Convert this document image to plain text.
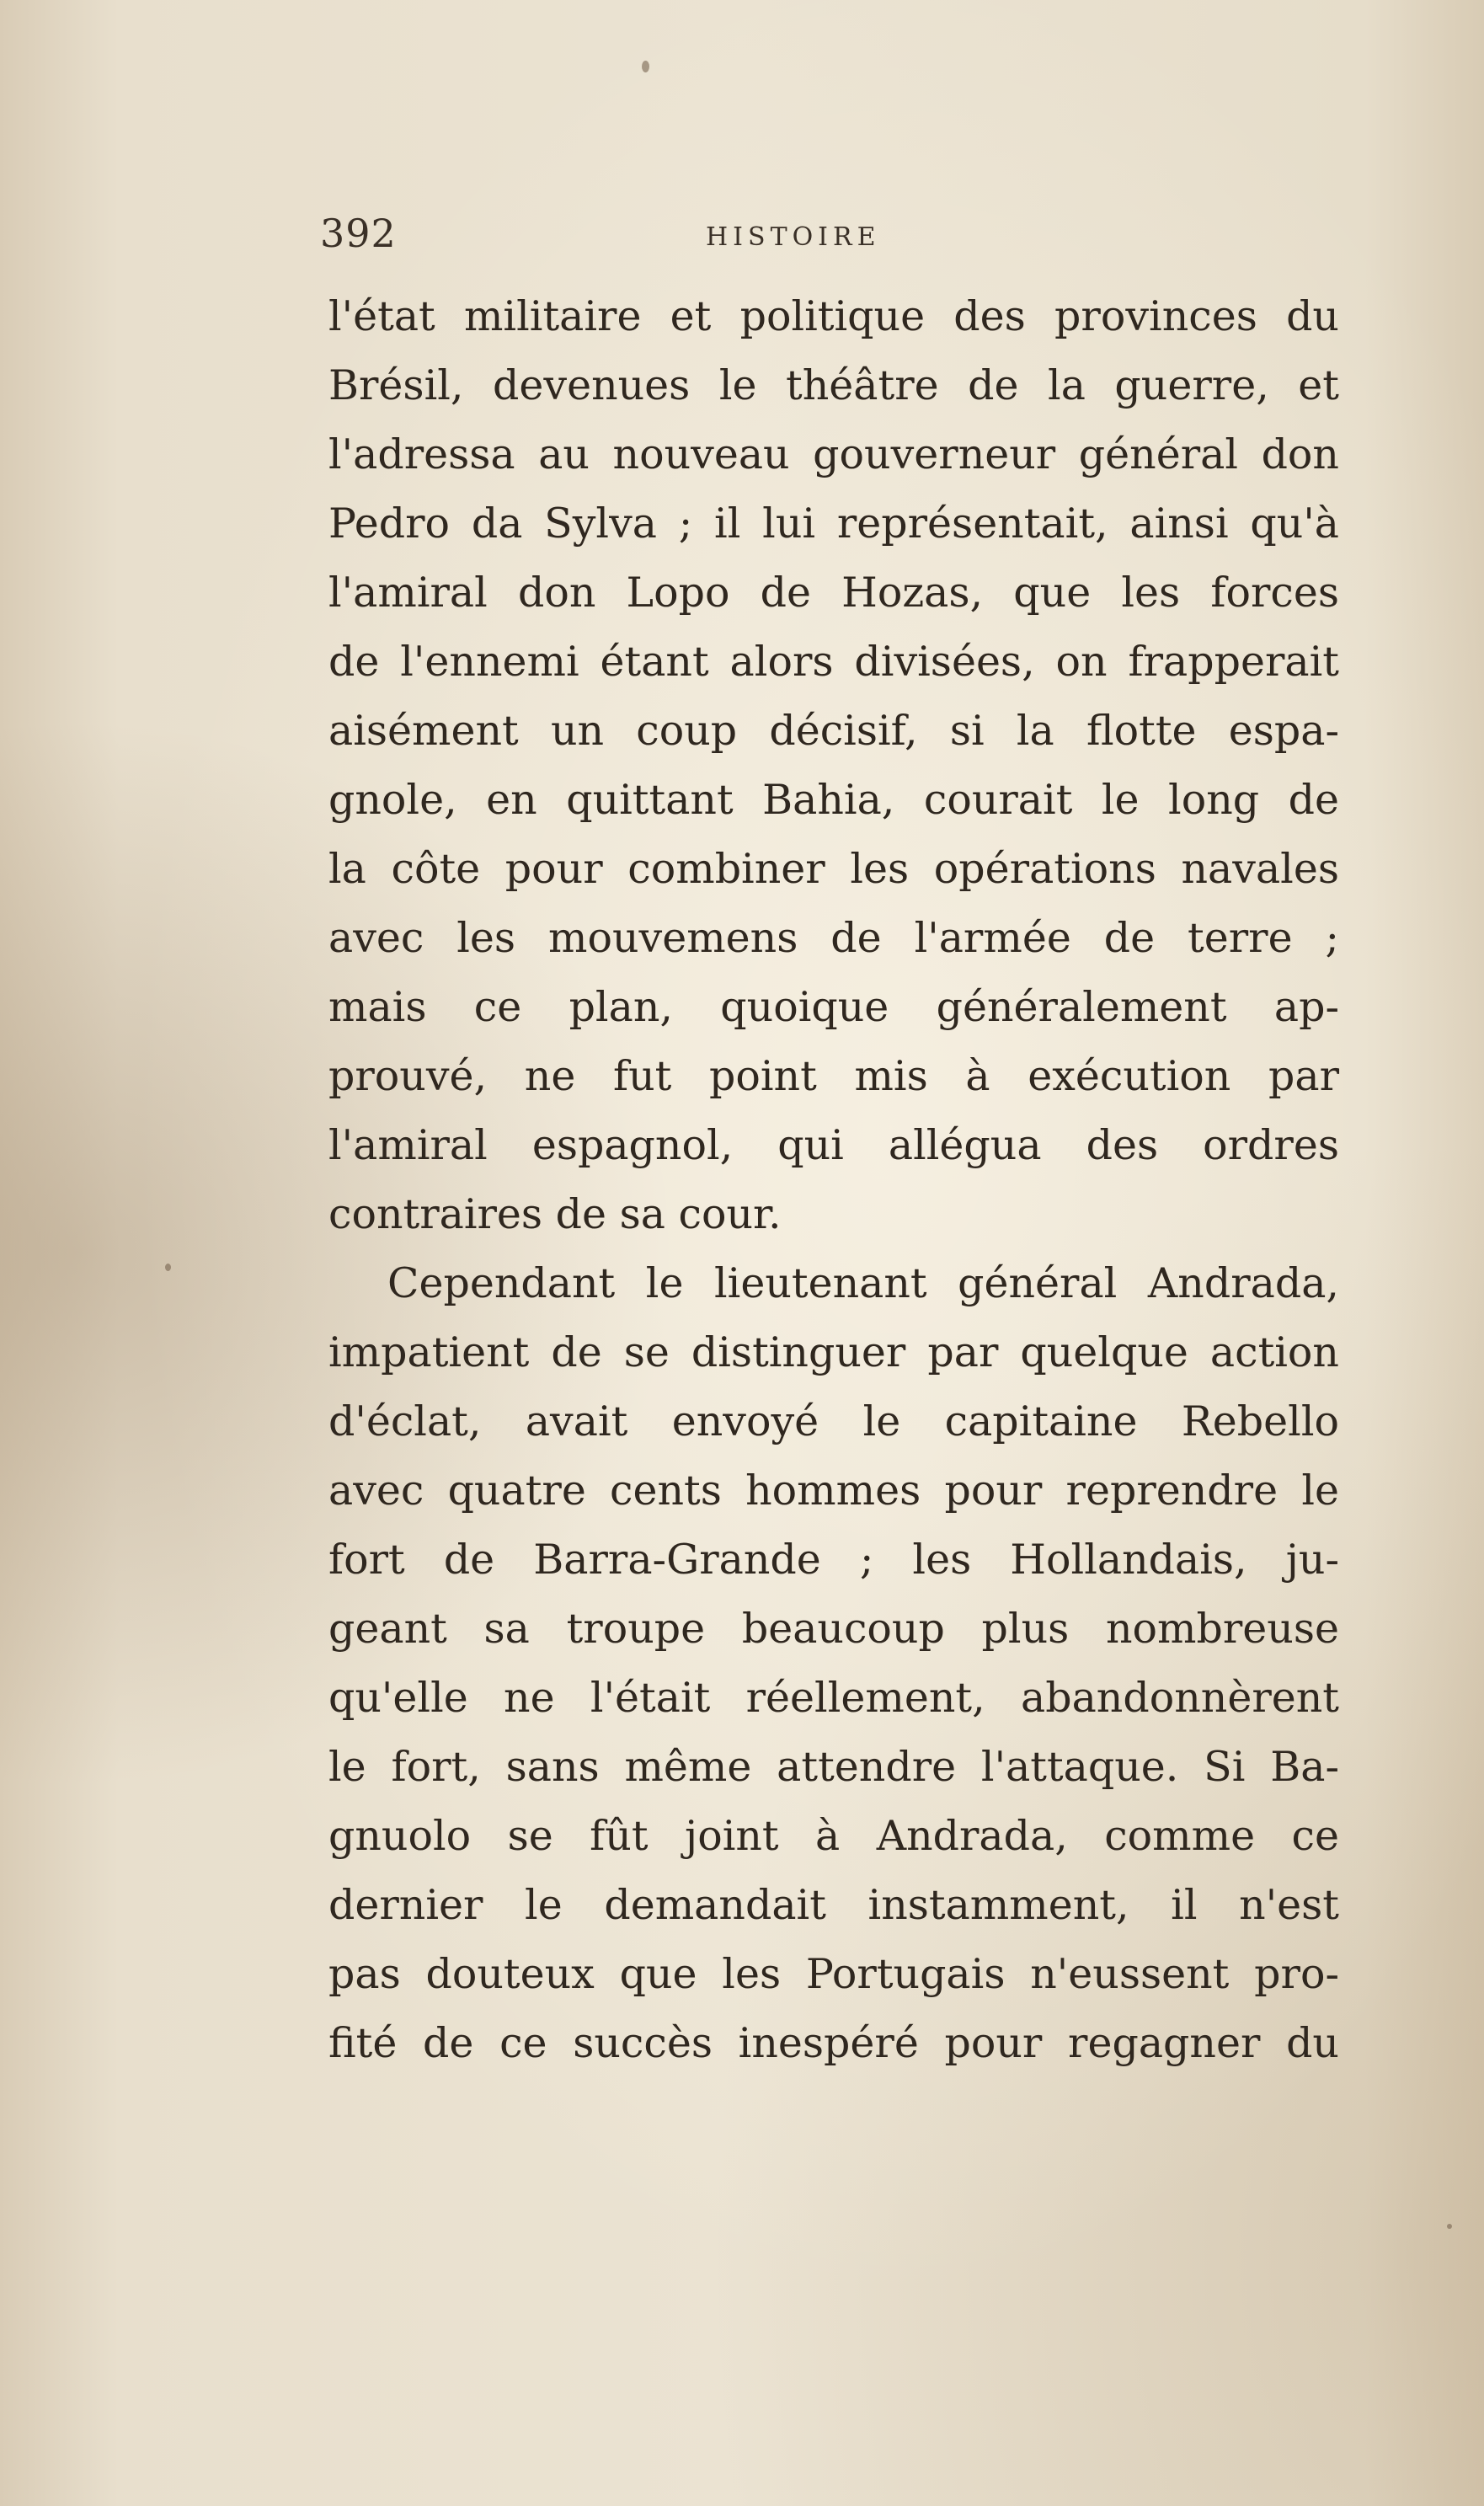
392	HISTOIRE
l'état militaire et politique des provinces du
Brésil, devenues le théâtre de la guerre, et
l'adressa au nouveau gouverneur général don
Pedro da Sylva ; il lui représentait, ainsi qu'à
l'amiral don Lopo de Hozas, que les forces
de l'ennemi étant alors divisées, on frapperait
aisément un coup décisif, si la flotte espa-
gnole, en quittant Bahia, courait le long de
la côte pour combiner les opérations navales
avec les mouvemens de l'armée de terre ;
mais ce plan, quoique généralement ap-
prouvé, ne fut point mis à exécution par
l'amiral espagnol, qui allégua des ordres
contraires de sa cour.
Cependant le lieutenant général Andrada,
impatient de se distinguer par quelque action
d'éclat, avait envoyé le capitaine Rebello
avec quatre cents hommes pour reprendre le
fort de Barra-Grande ; les Hollandais, ju-
geant sa troupe beaucoup plus nombreuse
qu'elle ne l'était réellement, abandonnèrent
le fort, sans même attendre l'attaque. Si Ba-
gnuolo se fût joint à Andrada, comme ce
dernier le demandait instamment, il n'est
pas douteux que les Portugais n'eussent pro-
fité de ce succès inespéré pour regagner du
